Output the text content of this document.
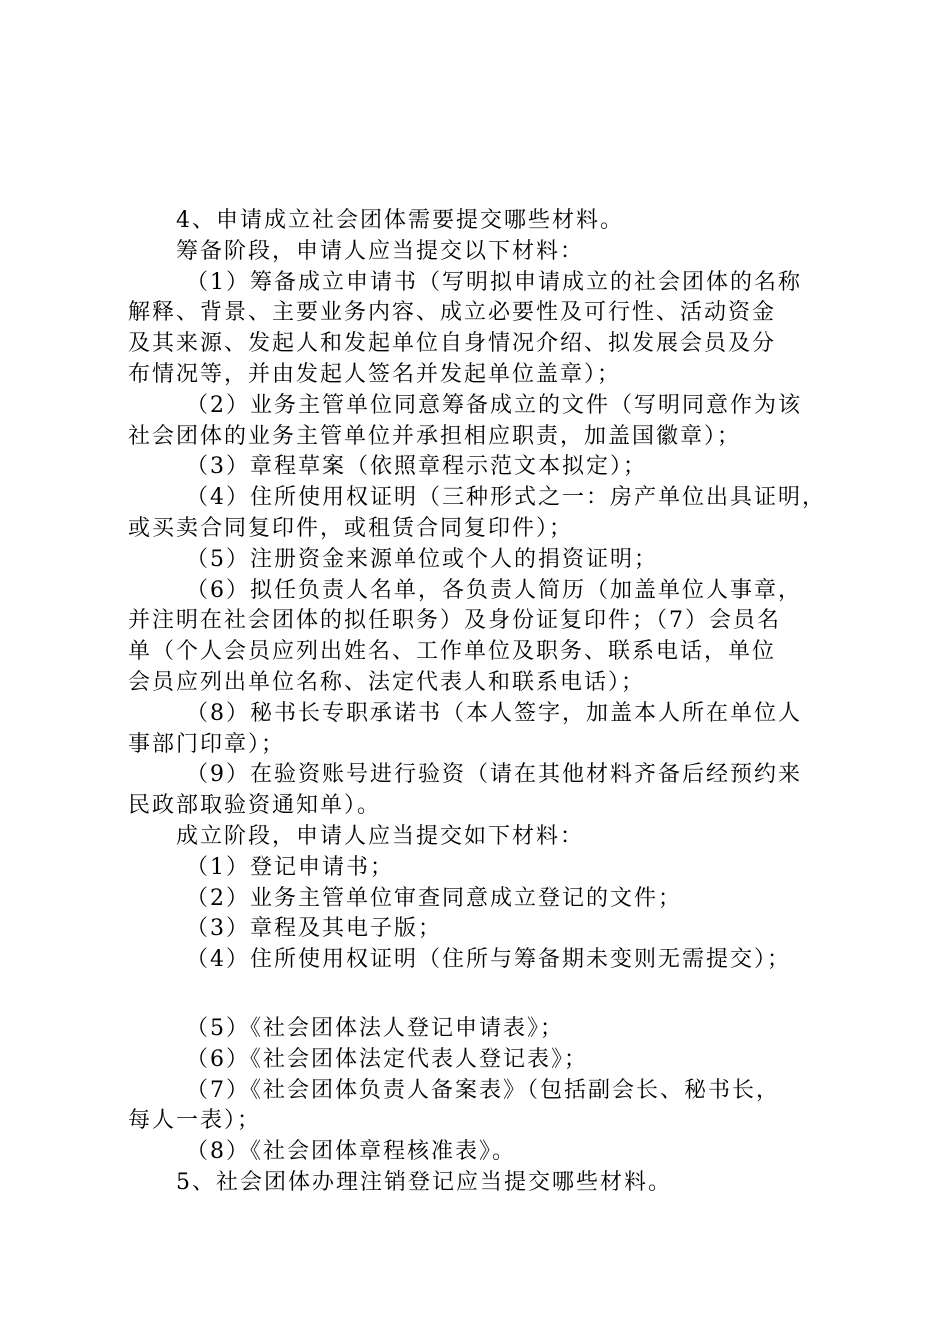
4、申请成立社会团体需要提交哪些材料。
筹备阶段，申请人应当提交以下材料：
（1）筹备成立申请书（写明拟申请成立的社会团体的名称
解释、背景、主要业务内容、成立必要性及可行性、活动资金
及其来源、发起人和发起单位自身情况介绍、拟发展会员及分
布情况等，并由发起人签名并发起单位盖章）；
（2）业务主管单位同意筹备成立的文件（写明同意作为该
社会团体的业务主管单位并承担相应职责，加盖国徽章）；
（3）章程草案（依照章程示范文本拟定）；
（4）住所使用权证明（三种形式之一：房产单位出具证明，
或买卖合同复印件，或租赁合同复印件）；
（5）注册资金来源单位或个人的捐资证明；
（6）拟任负责人名单，各负责人简历（加盖单位人事章，
并注明在社会团体的拟任职务）及身份证复印件；（7）会员名
单（个人会员应列出姓名、工作单位及职务、联系电话，单位
会员应列出单位名称、法定代表人和联系电话）；
（8）秘书长专职承诺书（本人签字，加盖本人所在单位人
事部门印章）；
（9）在验资账号进行验资（请在其他材料齐备后经预约来
民政部取验资通知单）。
成立阶段，申请人应当提交如下材料：
（1）登记申请书；
（2）业务主管单位审查同意成立登记的文件；
（3）章程及其电子版；
（4）住所使用权证明（住所与筹备期未变则无需提交）；
（5）《社会团体法人登记申请表》；
（6）《社会团体法定代表人登记表》；
（7）《社会团体负责人备案表》（包括副会长、秘书长，
每人一表）；
（8）《社会团体章程核准表》。
5、社会团体办理注销登记应当提交哪些材料。
